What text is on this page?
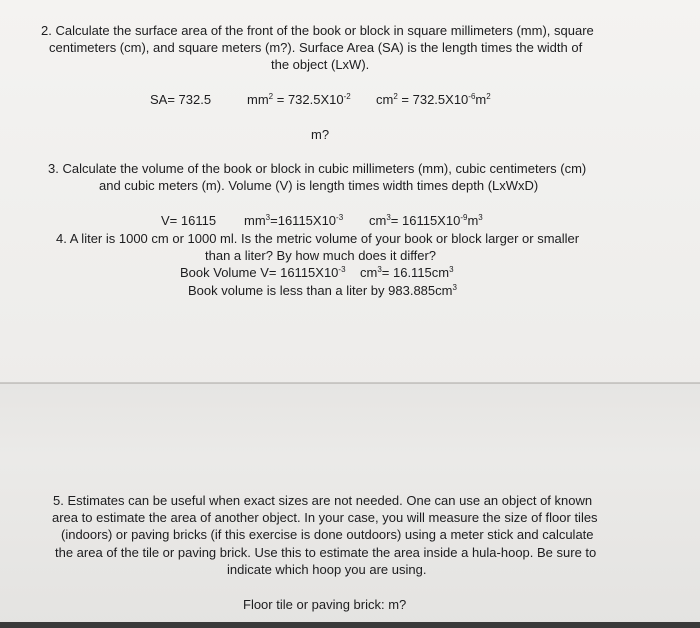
2. Calculate the surface area of the front of the book or block in square millimeters (mm), square
centimeters (cm), and square meters (m?). Surface Area (SA) is the length times the width of
the object (LxW).
SA= 732.5	$mm^2 = 732.5X10^{-2}$ $cm^2 = 732.5X10^{-6}m^2$
m?
3. Calculate the volume of the book or block in cubic millimeters (mm), cubic centimeters (cm)
and cubic meters (m). Volume (V) is length times width times depth (LxWxD)
V= 16115 $mm^3=16115X10^{-3}$ $cm^3= 16115X10^{-9}m^3$
4. A liter is 1000 cm or 1000 ml. Is the metric volume of your book or block larger or smaller
than a liter? By how much does it differ?
Book Volume $V= 16115X10^{-3}$ $cm^3= 16.115cm^3$
Book volume is less than a liter by $983.885cm^3$
5. Estimates can be useful when exact sizes are not needed. One can use an object of known
area to estimate the area of another object. In your case, you will measure the size of floor tiles
(indoors) or paving bricks (if this exercise is done outdoors) using a meter stick and calculate
the area of the tile or paving brick. Use this to estimate the area inside a hula-hoop. Be sure to
indicate which hoop you are using.
Floor tile or paving brick: m?
